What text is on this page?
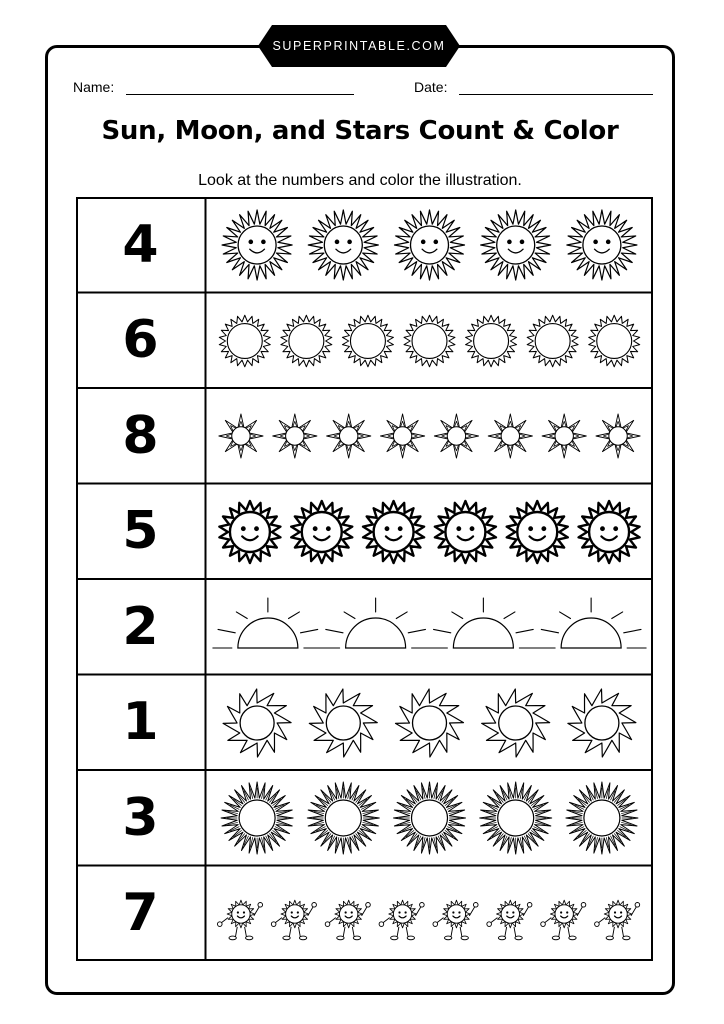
SUPERPRINTABLE.COM
Name:	Date:
Sun, Moon, and Stars Count & Color
Look at the numbers and color the illustration.
4
6
8
5
2
1
3
7
